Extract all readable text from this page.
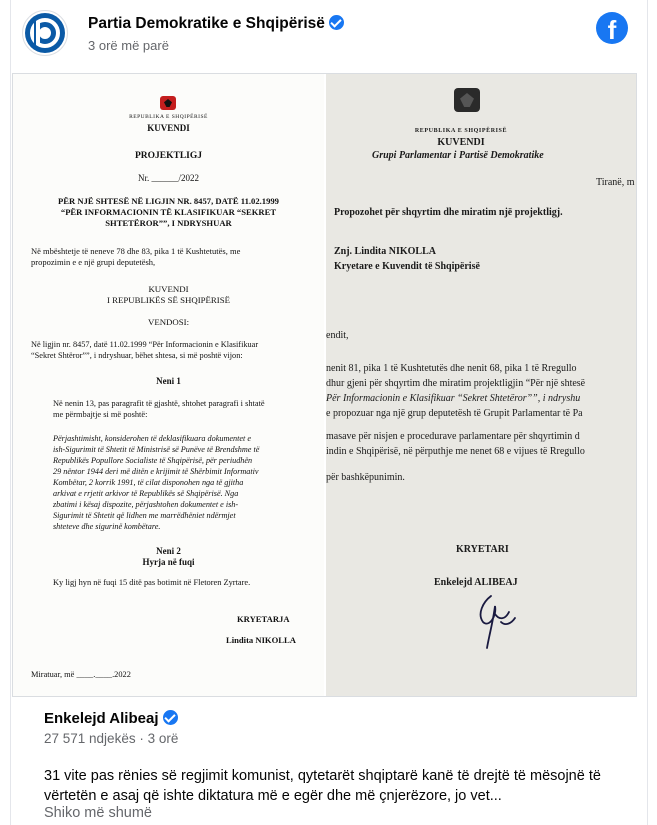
Partia Demokratike e Shqipërisë
3 orë më parë
f
REPUBLIKA E SHQIPËRISË
KUVENDI
PROJEKTLIGJ
Nr. ______/2022
PËR NJË SHTESË NË LIGJIN NR. 8457, DATË 11.02.1999
“PËR INFORMACIONIN TË KLASIFIKUAR “SEKRET
SHTETËROR””, I NDRYSHUAR
Në mbështetje të neneve 78 dhe 83, pika 1 të Kushtetutës, me
propozimin e e një grupi deputetësh,
KUVENDI
I REPUBLIKËS SË SHQIPËRISË
VENDOSI:
Në ligjin nr. 8457, datë 11.02.1999 “Për Informacionin e Klasifikuar
“Sekret Shtëror””, i ndryshuar, bëhet shtesa, si më poshtë vijon:
Neni 1
Në nenin 13, pas paragrafit të gjashtë, shtohet paragrafi i shtatë
me përmbajtje si më poshtë:
Përjashtimisht, konsiderohen të deklasifikuara dokumentet e
ish-Sigurimit të Shtetit të Ministrisë së Punëve të Brendshme të
Republikës Popullore Socialiste të Shqipërisë, për periudhën
29 nëntor 1944 deri më ditën e krijimit të Shërbimit Informativ
Kombëtar, 2 korrik 1991, të cilat disponohen nga të gjitha
arkivat e rrjetit arkivor të Republikës së Shqipërisë. Nga
zbatimi i kësaj dispozite, përjashtohen dokumentet e ish-
Sigurimit të Shtetit që lidhen me marrëdhëniet ndërmjet
shteteve dhe sigurinë kombëtare.
Neni 2
Hyrja në fuqi
Ky ligj hyn në fuqi 15 ditë pas botimit në Fletoren Zyrtare.
KRYETARJA
Lindita NIKOLLA
Miratuar, më ____.____.2022
REPUBLIKA E SHQIPËRISË
KUVENDI
Grupi Parlamentar i Partisë Demokratike
Tiranë, m
Propozohet për shqyrtim dhe miratim një projektligj.
Znj. Lindita NIKOLLA
Kryetare e Kuvendit të Shqipërisë
endit,
nenit 81, pika 1 të Kushtetutës dhe nenit 68, pika 1 të Rregullo
dhur gjeni për shqyrtim dhe miratim projektligjin “Për një shtesë
Për Informacionin e Klasifikuar “Sekret Shtetëror””, i ndryshu
e propozuar nga një grup deputetësh të Grupit Parlamentar të Pa
masave për nisjen e procedurave parlamentare për shqyrtimin d
indin e Shqipërisë, në përputhje me nenet 68 e vijues të Rregullo
për bashkëpunimin.
KRYETARI
Enkelejd ALIBEAJ
Enkelejd Alibeaj
27 571 ndjekës · 3 orë
31 vite pas rënies së regjimit komunist, qytetarët shqiptarë kanë të drejtë të mësojnë të vërtetën e asaj që ishte diktatura më e egër dhe më çnjerëzore, jo vet...
Shiko më shumë
